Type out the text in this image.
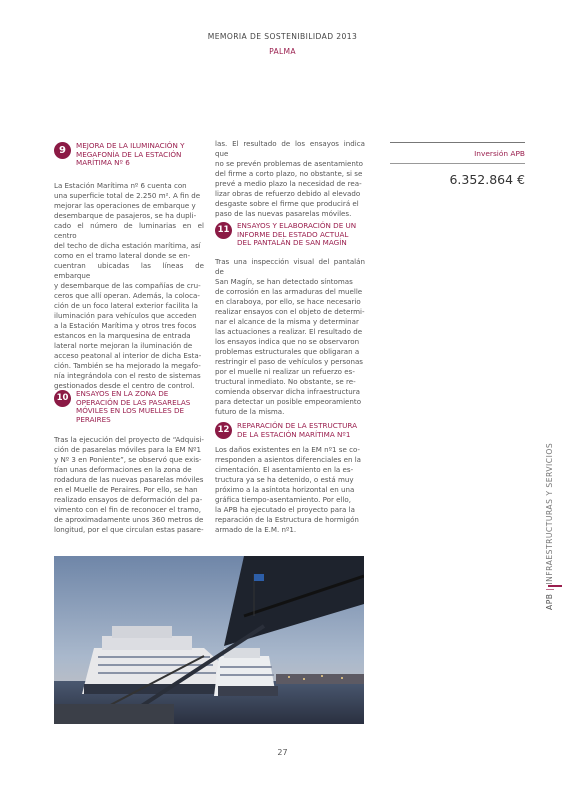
MEMORIA DE SOSTENIBILIDAD 2013
PALMA
9	MEJORA DE LA ILUMINACIÓN Y
MEGAFONÍA DE LA ESTACIÓN
MARÍTIMA Nº 6
La Estación Marítima nº 6 cuenta con
una superficie total de 2.250 m². A fin de
mejorar las operaciones de embarque y
desembarque de pasajeros, se ha dupli-
cado el número de luminarias en el centro
del techo de dicha estación marítima, así
como en el tramo lateral donde se en-
cuentran ubicadas las líneas de embarque
y desembarque de las compañías de cru-
ceros que allí operan. Además, la coloca-
ción de un foco lateral exterior facilita la
iluminación para vehículos que acceden
a la Estación Marítima y otros tres focos
estancos en la marquesina de entrada
lateral norte mejoran la iluminación de
acceso peatonal al interior de dicha Esta-
ción. También se ha mejorado la megafo-
nía integrándola con el resto de sistemas
gestionados desde el centro de control.
10	ENSAYOS EN LA ZONA DE
OPERACIÓN DE LAS PASARELAS
MÓVILES EN LOS MUELLES DE
PERAIRES
Tras la ejecución del proyecto de “Adquisi-
ción de pasarelas móviles para la EM Nº1
y Nº 3 en Poniente”, se observó que exis-
tían unas deformaciones en la zona de
rodadura de las nuevas pasarelas móviles
en el Muelle de Peraires. Por ello, se han
realizado ensayos de deformación del pa-
vimento con el fin de reconocer el tramo,
de aproximadamente unos 360 metros de
longitud, por el que circulan estas pasare-
las. El resultado de los ensayos indica que
no se prevén problemas de asentamiento
del firme a corto plazo, no obstante, si se
prevé a medio plazo la necesidad de rea-
lizar obras de refuerzo debido al elevado
desgaste sobre el firme que producirá el
paso de las nuevas pasarelas móviles.
11	ENSAYOS Y ELABORACIÓN DE UN
INFORME DEL ESTADO ACTUAL
DEL PANTALÁN DE SAN MAGÍN
Tras una inspección visual del pantalán de
San Magín, se han detectado síntomas
de corrosión en las armaduras del muelle
en claraboya, por ello, se hace necesario
realizar ensayos con el objeto de determi-
nar el alcance de la misma y determinar
las actuaciones a realizar. El resultado de
los ensayos indica que no se observaron
problemas estructurales que obligaran a
restringir el paso de vehículos y personas
por el muelle ni realizar un refuerzo es-
tructural inmediato. No obstante, se re-
comienda observar dicha infraestructura
para detectar un posible empeoramiento
futuro de la misma.
12	REPARACIÓN DE LA ESTRUCTURA
DE LA ESTACIÓN MARÍTIMA Nº1
Los daños existentes en la EM nº1 se co-
rresponden a asientos diferenciales en la
cimentación. El asentamiento en la es-
tructura ya se ha detenido, o está muy
próximo a la asíntota horizontal en una
gráfica tiempo-asentamiento. Por ello,
la APB ha ejecutado el proyecto para la
reparación de la Estructura de hormigón
armado de la E.M. nº1.
Inversión APB
6.352.864 €
APB | INFRAESTRUCTURAS Y SERVICIOS
27
